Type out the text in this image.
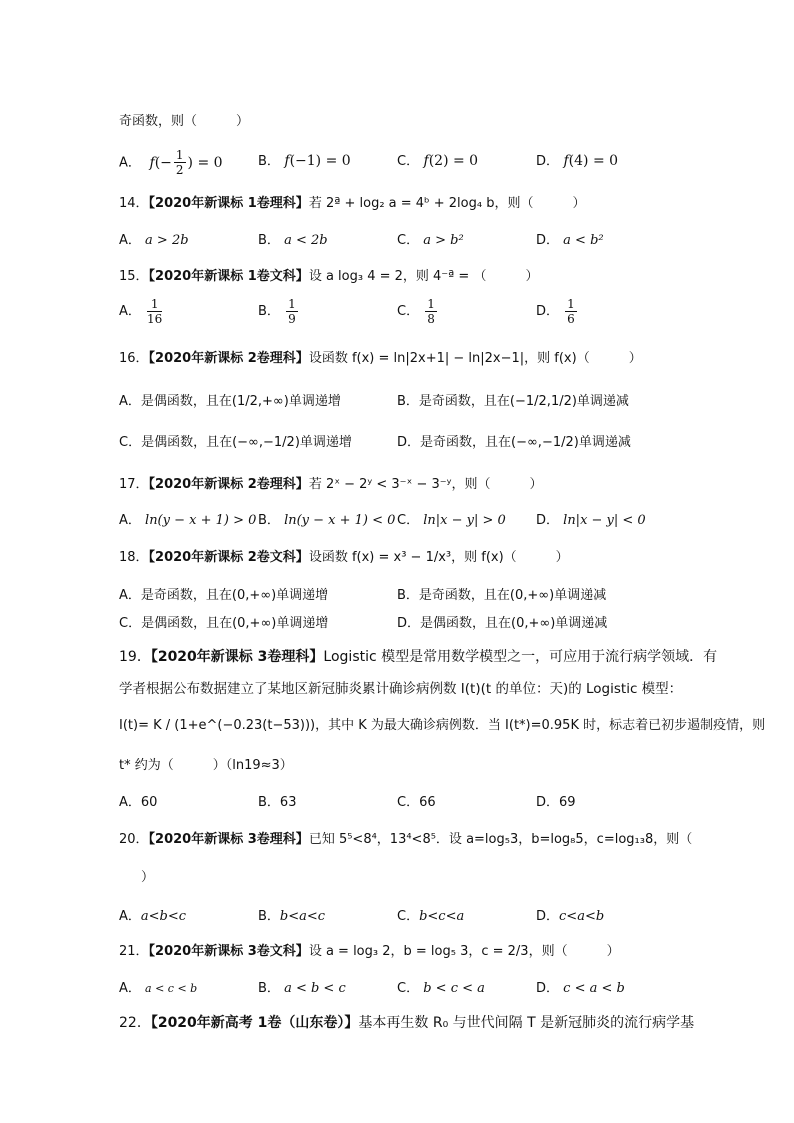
奇函数，则（　　　）
A． $f(- \frac{1}{2}$ ) = 0	B． f(−1) = 0	C． f(2) = 0	D． f(4) = 0
14．【2020年新课标 1卷理科】若 2ª + log₂ a = 4ᵇ + 2log₄ b，则（　　　）
A． a > 2b	B． a < 2b	C． a > b²	D． a < b²
15．【2020年新课标 1卷文科】设 a log₃ 4 = 2，则 4⁻ª = （　　　）
A． $\frac{1}{16}$	B． $\frac{1}{9}$	C． $\frac{1}{8}$	D． $\frac{1}{6}$
16．【2020年新课标 2卷理科】设函数 f(x) = ln|2x+1| − ln|2x−1|，则 f(x)（　　　）
A．是偶函数，且在(1/2,+∞)单调递增	B．是奇函数，且在(−1/2,1/2)单调递减
C．是偶函数，且在(−∞,−1/2)单调递增	D．是奇函数，且在(−∞,−1/2)单调递减
17．【2020年新课标 2卷理科】若 2ˣ − 2ʸ < 3⁻ˣ − 3⁻ʸ，则（　　　）
A． ln(y − x + 1) > 0 B． ln(y − x + 1) < 0 C． ln|x − y| > 0 D． ln|x − y| < 0
18．【2020年新课标 2卷文科】设函数 f(x) = x³ − 1/x³，则 f(x)（　　　）
A．是奇函数，且在(0,+∞)单调递增	B．是奇函数，且在(0,+∞)单调递减
C．是偶函数，且在(0,+∞)单调递增	D．是偶函数，且在(0,+∞)单调递减
19．【2020年新课标 3卷理科】Logistic 模型是常用数学模型之一，可应用于流行病学领域．有
学者根据公布数据建立了某地区新冠肺炎累计确诊病例数 I(t)(t 的单位：天)的 Logistic 模型：
I(t)= K / (1+e^(−0.23(t−53)))，其中 K 为最大确诊病例数．当 I(t*)=0.95K 时，标志着已初步遏制疫情，则
t* 约为（　　　）（ln19≈3）
A．60	B．63	C．66	D．69
20．【2020年新课标 3卷理科】已知 5⁵<8⁴，13⁴<8⁵．设 a=log₅3，b=log₈5，c=log₁₃8，则（
）
A．a<b<c	B．b<a<c	C．b<c<a	D．c<a<b
21．【2020年新课标 3卷文科】设 a = log₃ 2，b = log₅ 3，c = 2/3，则（　　　）
A． a < c < b	B． a < b < c	C． b < c < a	D． c < a < b
22．【2020年新高考 1卷（山东卷）】基本再生数 R₀ 与世代间隔 T 是新冠肺炎的流行病学基
